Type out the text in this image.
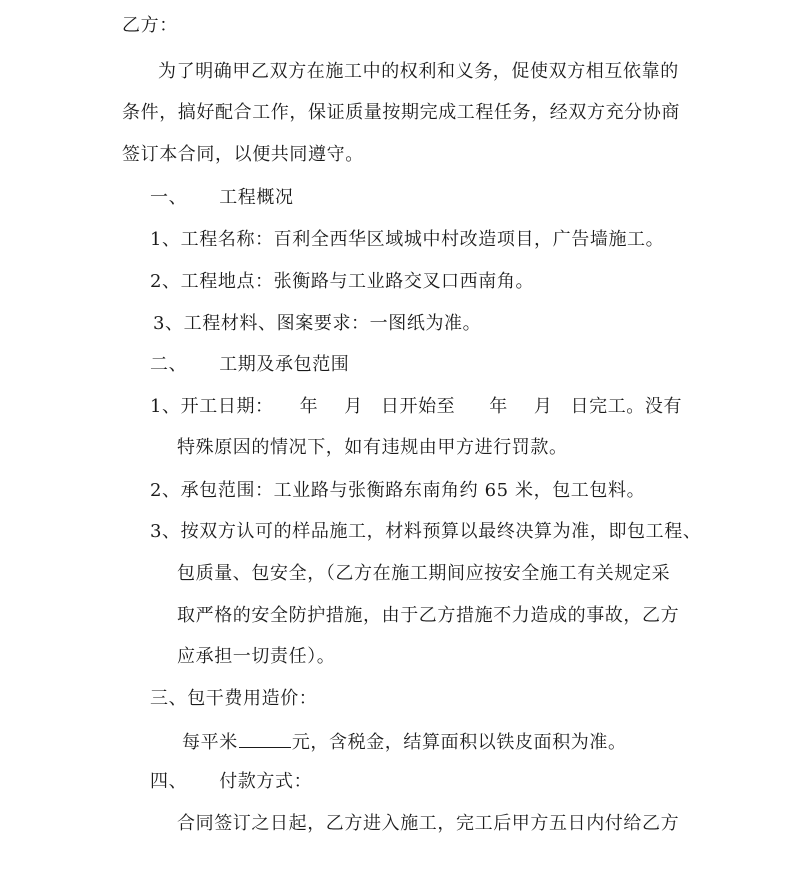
乙方：
为了明确甲乙双方在施工中的权利和义务，促使双方相互依靠的
条件，搞好配合工作，保证质量按期完成工程任务，经双方充分协商
签订本合同，以便共同遵守。
一、 工程概况
1、工程名称：百利全西华区域城中村改造项目，广告墙施工。
2、工程地点：张衡路与工业路交叉口西南角。
3、工程材料、图案要求：一图纸为准。
二、 工期及承包范围
1、开工日期： 年 月 日开始至 年 月 日完工。没有
特殊原因的情况下，如有违规由甲方进行罚款。
2、承包范围：工业路与张衡路东南角约 65 米，包工包料。
3、按双方认可的样品施工，材料预算以最终决算为准，即包工程、
包质量、包安全，（乙方在施工期间应按安全施工有关规定采
取严格的安全防护措施，由于乙方措施不力造成的事故，乙方
应承担一切责任）。
三、包干费用造价：
每平米	元，含税金，结算面积以铁皮面积为准。
四、 付款方式：
合同签订之日起，乙方进入施工，完工后甲方五日内付给乙方
